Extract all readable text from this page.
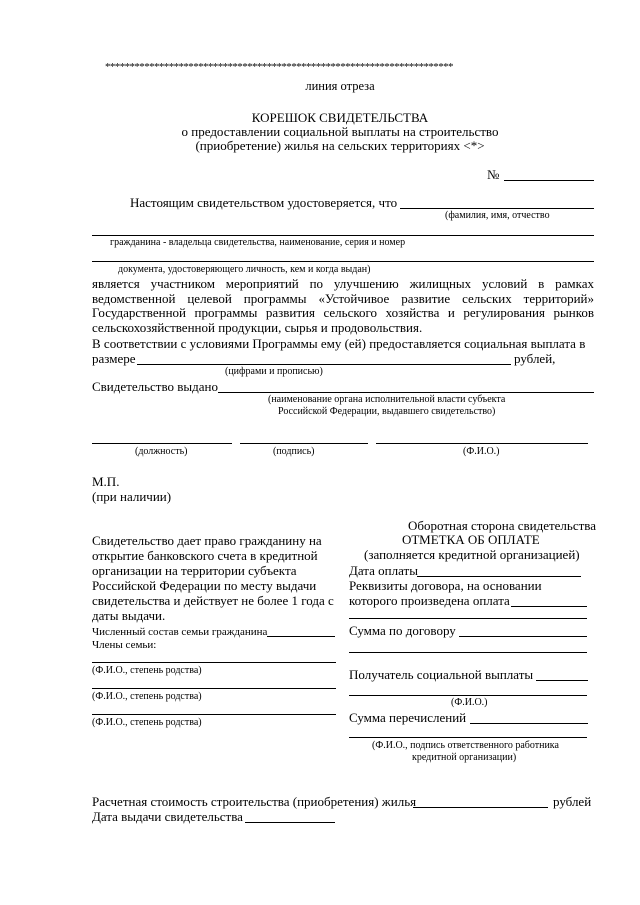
***********************************************************************
линия отреза
КОРЕШОК СВИДЕТЕЛЬСТВА
о предоставлении социальной выплаты на строительство
(приобретение) жилья на сельских территориях <*>
№
Настоящим свидетельством удостоверяется, что
(фамилия, имя, отчество
гражданина - владельца свидетельства, наименование, серия и номер
документа, удостоверяющего личность, кем и когда выдан)
является участником мероприятий по улучшению жилищных условий в рамках ведомственной целевой программы «Устойчивое развитие сельских территорий» Государственной программы развития сельского хозяйства и регулирования рынков сельскохозяйственной продукции, сырья и продовольствия.
В соответствии с условиями Программы ему (ей) предоставляется социальная выплата в
размере	рублей,
(цифрами и прописью)
Свидетельство выдано
(наименование органа исполнительной власти субъекта
Российской Федерации, выдавшего свидетельство)
(должность)	(подпись)	(Ф.И.О.)
М.П.
(при наличии)
Свидетельство дает право гражданину на открытие банковского счета в кредитной организации на территории субъекта Российской Федерации по месту выдачи свидетельства и действует не более 1 года с даты выдачи.
Численный состав семьи гражданина
Члены семьи:
(Ф.И.О., степень родства)
(Ф.И.О., степень родства)
(Ф.И.О., степень родства)
Оборотная сторона свидетельства
ОТМЕТКА ОБ ОПЛАТЕ
(заполняется кредитной организацией)
Дата оплаты
Реквизиты договора, на основании
которого произведена оплата
Сумма по договору
Получатель социальной выплаты
(Ф.И.О.)
Сумма перечислений
(Ф.И.О., подпись ответственного работника
кредитной организации)
Расчетная стоимость строительства (приобретения) жилья	рублей
Дата выдачи свидетельства
